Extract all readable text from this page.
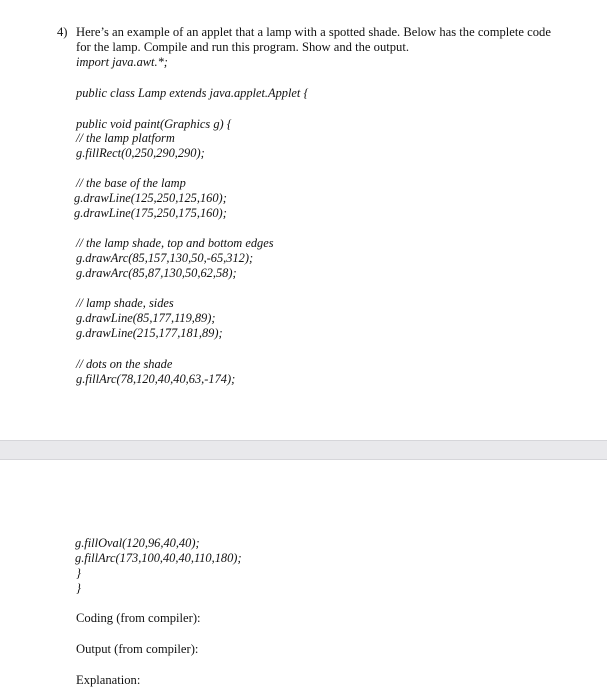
4) Here’s an example of an applet that a lamp with a spotted shade. Below has the complete code
for the lamp. Compile and run this program. Show and the output.
import java.awt.*;
public class Lamp extends java.applet.Applet {
public void paint(Graphics g) {
// the lamp platform
g.fillRect(0,250,290,290);
// the base of the lamp
g.drawLine(125,250,125,160);
g.drawLine(175,250,175,160);
// the lamp shade, top and bottom edges
g.drawArc(85,157,130,50,-65,312);
g.drawArc(85,87,130,50,62,58);
// lamp shade, sides
g.drawLine(85,177,119,89);
g.drawLine(215,177,181,89);
// dots on the shade
g.fillArc(78,120,40,40,63,-174);
g.fillOval(120,96,40,40);
g.fillArc(173,100,40,40,110,180);
}
}
Coding (from compiler):
Output (from compiler):
Explanation:
